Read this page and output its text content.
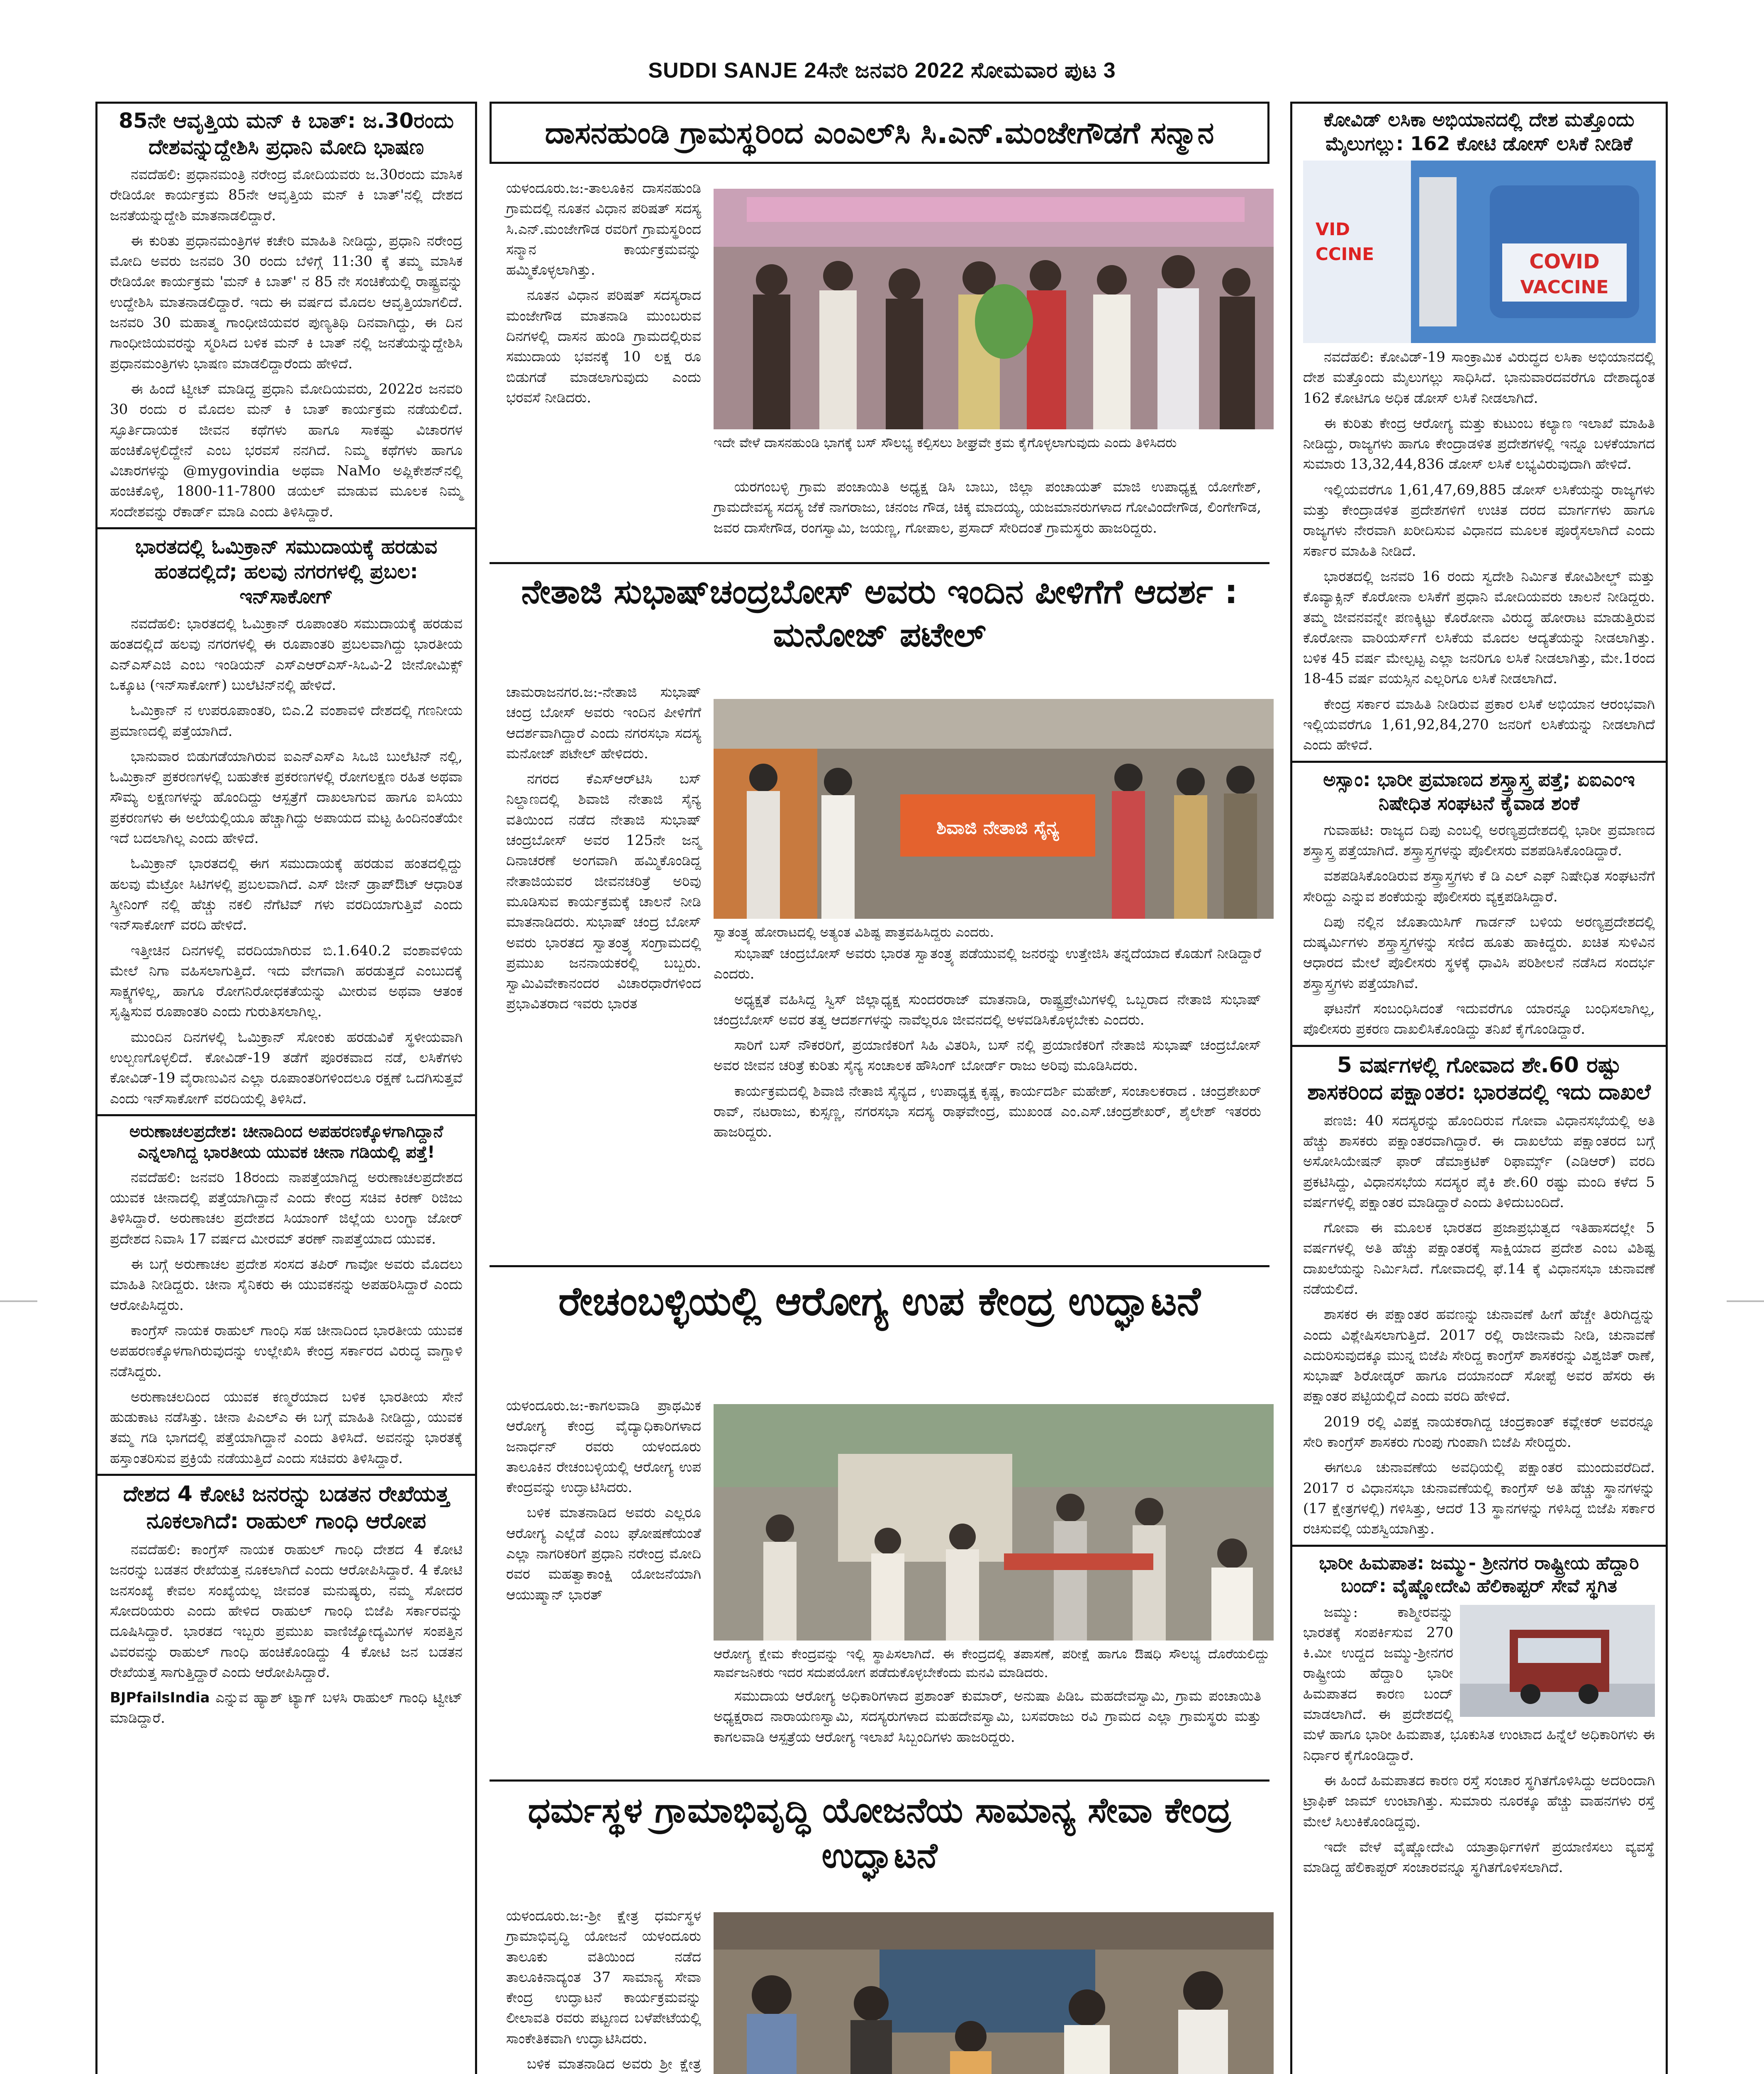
SUDDI SANJE 24ನೇ ಜನವರಿ 2022 ಸೋಮವಾರ ಪುಟ 3
85ನೇ ಆವೃತ್ತಿಯ ಮನ್ ಕಿ ಬಾತ್: ಜ.30ರಂದು ದೇಶವನ್ನುದ್ದೇಶಿಸಿ ಪ್ರಧಾನಿ ಮೋದಿ ಭಾಷಣ

ನವದೆಹಲಿ: ಪ್ರಧಾನಮಂತ್ರಿ ನರೇಂದ್ರ ಮೋದಿಯವರು ಜ.30ರಂದು ಮಾಸಿಕ ರೇಡಿಯೋ ಕಾರ್ಯಕ್ರಮ 85ನೇ ಆವೃತ್ತಿಯ ಮನ್ ಕಿ ಬಾತ್'ನಲ್ಲಿ ದೇಶದ ಜನತೆಯನ್ನುದ್ದೇಶಿ ಮಾತನಾಡಲಿದ್ದಾರೆ.

ಈ ಕುರಿತು ಪ್ರಧಾನಮಂತ್ರಿಗಳ ಕಚೇರಿ ಮಾಹಿತಿ ನೀಡಿದ್ದು, ಪ್ರಧಾನಿ ನರೇಂದ್ರ ಮೋದಿ ಅವರು ಜನವರಿ 30 ರಂದು ಬೆಳಿಗ್ಗೆ 11:30 ಕ್ಕೆ ತಮ್ಮ ಮಾಸಿಕ ರೇಡಿಯೋ ಕಾರ್ಯಕ್ರಮ 'ಮನ್ ಕಿ ಬಾತ್' ನ 85 ನೇ ಸಂಚಿಕೆಯಲ್ಲಿ ರಾಷ್ಟ್ರವನ್ನು ಉದ್ದೇಶಿಸಿ ಮಾತನಾಡಲಿದ್ದಾರೆ. ಇದು ಈ ವರ್ಷದ ಮೊದಲ ಆವೃತ್ತಿಯಾಗಲಿದೆ. ಜನವರಿ 30 ಮಹಾತ್ಮ ಗಾಂಧೀಜಿಯವರ ಪುಣ್ಯತಿಥಿ ದಿನವಾಗಿದ್ದು, ಈ ದಿನ ಗಾಂಧೀಜಿಯವರನ್ನು ಸ್ಮರಿಸಿದ ಬಳಿಕ ಮನ್ ಕಿ ಬಾತ್ ನಲ್ಲಿ ಜನತೆಯನ್ನುದ್ದೇಶಿಸಿ ಪ್ರಧಾನಮಂತ್ರಿಗಳು ಭಾಷಣ ಮಾಡಲಿದ್ದಾರೆಂದು ಹೇಳಿದೆ.

ಈ ಹಿಂದೆ ಟ್ವೀಟ್ ಮಾಡಿದ್ದ ಪ್ರಧಾನಿ ಮೋದಿಯವರು, 2022ರ ಜನವರಿ 30 ರಂದು ರ ಮೊದಲ ಮನ್ ಕಿ ಬಾತ್ ಕಾರ್ಯಕ್ರಮ ನಡೆಯಲಿದೆ. ಸ್ಫೂರ್ತಿದಾಯಕ ಜೀವನ ಕಥೆಗಳು ಹಾಗೂ ಸಾಕಷ್ಟು ವಿಚಾರಗಳ ಹಂಚಿಕೊಳ್ಳಲಿದ್ದೇನೆ ಎಂಬ ಭರವಸೆ ನನಗಿದೆ. ನಿಮ್ಮ ಕಥೆಗಳು ಹಾಗೂ ವಿಚಾರಗಳನ್ನು @mygovindia ಅಥವಾ NaMo ಅಪ್ಲಿಕೇಶನ್‌ನಲ್ಲಿ ಹಂಚಿಕೊಳ್ಳಿ, 1800-11-7800 ಡಯಲ್ ಮಾಡುವ ಮೂಲಕ ನಿಮ್ಮ ಸಂದೇಶವನ್ನು ರೆಕಾರ್ಡ್ ಮಾಡಿ ಎಂದು ತಿಳಿಸಿದ್ದಾರೆ.

ಭಾರತದಲ್ಲಿ ಓಮಿಕ್ರಾನ್ ಸಮುದಾಯಕ್ಕೆ ಹರಡುವ ಹಂತದಲ್ಲಿದೆ; ಹಲವು ನಗರಗಳಲ್ಲಿ ಪ್ರಬಲ: ಇನ್‌ಸಾಕೋಗ್

ನವದೆಹಲಿ: ಭಾರತದಲ್ಲಿ ಓಮಿಕ್ರಾನ್ ರೂಪಾಂತರಿ ಸಮುದಾಯಕ್ಕೆ ಹರಡುವ ಹಂತದಲ್ಲಿದೆ ಹಲವು ನಗರಗಳಲ್ಲಿ ಈ ರೂಪಾಂತರಿ ಪ್ರಬಲವಾಗಿದ್ದು ಭಾರತೀಯ ಎನ್ಎಸ್ಎಜಿ ಎಂಬ ಇಂಡಿಯನ್ ಎಸ್‌ಎಆರ್‌ಎಸ್-ಸಿಒವಿ-2 ಜೀನೋಮಿಕ್ಸ್ ಒಕ್ಕೂಟ (ಇನ್‌ಸಾಕೋಗ್) ಬುಲೆಟಿನ್‌ನಲ್ಲಿ ಹೇಳಿದೆ.

ಓಮಿಕ್ರಾನ್ ನ ಉಪರೂಪಾಂತರಿ, ಬಿಎ.2 ವಂಶಾವಳಿ ದೇಶದಲ್ಲಿ ಗಣನೀಯ ಪ್ರಮಾಣದಲ್ಲಿ ಪತ್ತೆಯಾಗಿದೆ.

ಭಾನುವಾರ ಬಿಡುಗಡೆಯಾಗಿರುವ ಐಎನ್ಎಸ್ಎ ಸಿಒಜಿ ಬುಲೆಟಿನ್ ನಲ್ಲಿ, ಓಮಿಕ್ರಾನ್ ಪ್ರಕರಣಗಳಲ್ಲಿ ಬಹುತೇಕ ಪ್ರಕರಣಗಳಲ್ಲಿ ರೋಗಲಕ್ಷಣ ರಹಿತ ಅಥವಾ ಸೌಮ್ಯ ಲಕ್ಷಣಗಳನ್ನು ಹೊಂದಿದ್ದು ಆಸ್ಪತ್ರೆಗೆ ದಾಖಲಾಗುವ ಹಾಗೂ ಐಸಿಯು ಪ್ರಕರಣಗಳು ಈ ಅಲೆಯಲ್ಲಿಯೂ ಹೆಚ್ಚಾಗಿದ್ದು ಅಪಾಯದ ಮಟ್ಟ ಹಿಂದಿನಂತೆಯೇ ಇದೆ ಬದಲಾಗಿಲ್ಲ ಎಂದು ಹೇಳಿದೆ.

ಓಮಿಕ್ರಾನ್ ಭಾರತದಲ್ಲಿ ಈಗ ಸಮುದಾಯಕ್ಕೆ ಹರಡುವ ಹಂತದಲ್ಲಿದ್ದು ಹಲವು ಮೆಟ್ರೋ ಸಿಟಿಗಳಲ್ಲಿ ಪ್ರಬಲವಾಗಿದೆ. ಎಸ್ ಜೀನ್ ಡ್ರಾಪ್‌ಔಟ್ ಆಧಾರಿತ ಸ್ಕ್ರೀನಿಂಗ್ ನಲ್ಲಿ ಹೆಚ್ಚು ನಕಲಿ ನೆಗೆಟಿವ್ ಗಳು ವರದಿಯಾಗುತ್ತಿವೆ ಎಂದು ಇನ್‌ಸಾಕೋಗ್ ವರದಿ ಹೇಳಿದೆ.

ಇತ್ತೀಚಿನ ದಿನಗಳಲ್ಲಿ ವರದಿಯಾಗಿರುವ ಬಿ.1.640.2 ವಂಶಾವಳಿಯ ಮೇಲೆ ನಿಗಾ ವಹಿಸಲಾಗುತ್ತಿದೆ. ಇದು ವೇಗವಾಗಿ ಹರಡುತ್ತದೆ ಎಂಬುದಕ್ಕೆ ಸಾಕ್ಷ್ಯಗಳಿಲ್ಲ, ಹಾಗೂ ರೋಗನಿರೋಧಕತೆಯನ್ನು ಮೀರುವ ಅಥವಾ ಆತಂಕ ಸೃಷ್ಟಿಸುವ ರೂಪಾಂತರಿ ಎಂದು ಗುರುತಿಸಲಾಗಿಲ್ಲ.

ಮುಂದಿನ ದಿನಗಳಲ್ಲಿ ಓಮಿಕ್ರಾನ್ ಸೋಂಕು ಹರಡುವಿಕೆ ಸ್ಥಳೀಯವಾಗಿ ಉಲ್ಬಣಗೊಳ್ಳಲಿದೆ. ಕೋವಿಡ್-19 ತಡೆಗೆ ಪೂರಕವಾದ ನಡೆ, ಲಸಿಕೆಗಳು ಕೋವಿಡ್-19 ವೈರಾಣುವಿನ ಎಲ್ಲಾ ರೂಪಾಂತರಿಗಳಿಂದಲೂ ರಕ್ಷಣೆ ಒದಗಿಸುತ್ತವೆ ಎಂದು ಇನ್‌ಸಾಕೋಗ್ ವರದಿಯಲ್ಲಿ ತಿಳಿಸಿದೆ.

ಅರುಣಾಚಲಪ್ರದೇಶ: ಚೀನಾದಿಂದ ಅಪಹರಣಕ್ಕೊಳಗಾಗಿದ್ದಾನೆ ಎನ್ನಲಾಗಿದ್ದ ಭಾರತೀಯ ಯುವಕ ಚೀನಾ ಗಡಿಯಲ್ಲಿ ಪತ್ತೆ!

ನವದೆಹಲಿ: ಜನವರಿ 18ರಂದು ನಾಪತ್ತೆಯಾಗಿದ್ದ ಅರುಣಾಚಲಪ್ರದೇಶದ ಯುವಕ ಚೀನಾದಲ್ಲಿ ಪತ್ತೆಯಾಗಿದ್ದಾನೆ ಎಂದು ಕೇಂದ್ರ ಸಚಿವ ಕಿರಣ್ ರಿಜಿಜು ತಿಳಿಸಿದ್ದಾರೆ. ಅರುಣಾಚಲ ಪ್ರದೇಶದ ಸಿಯಾಂಗ್ ಜಿಲ್ಲೆಯ ಲುಂಗ್ಟಾ ಜೋರ್ ಪ್ರದೇಶದ ನಿವಾಸಿ 17 ವರ್ಷದ ಮೀರಮ್ ತರಣ್ ನಾಪತ್ತೆಯಾದ ಯುವಕ.

ಈ ಬಗ್ಗೆ ಅರುಣಾಚಲ ಪ್ರದೇಶ ಸಂಸದ ತಪಿರ್ ಗಾವೋ ಅವರು ಮೊದಲು ಮಾಹಿತಿ ನೀಡಿದ್ದರು. ಚೀನಾ ಸೈನಿಕರು ಈ ಯುವಕನನ್ನು ಅಪಹರಿಸಿದ್ದಾರೆ ಎಂದು ಆರೋಪಿಸಿದ್ದರು.

ಕಾಂಗ್ರೆಸ್ ನಾಯಕ ರಾಹುಲ್ ಗಾಂಧಿ ಸಹ ಚೀನಾದಿಂದ ಭಾರತೀಯ ಯುವಕ ಅಪಹರಣಕ್ಕೊಳಗಾಗಿರುವುದನ್ನು ಉಲ್ಲೇಖಿಸಿ ಕೇಂದ್ರ ಸರ್ಕಾರದ ವಿರುದ್ಧ ವಾಗ್ದಾಳಿ ನಡೆಸಿದ್ದರು.

ಅರುಣಾಚಲದಿಂದ ಯುವಕ ಕಣ್ಮರೆಯಾದ ಬಳಿಕ ಭಾರತೀಯ ಸೇನೆ ಹುಡುಕಾಟ ನಡೆಸಿತ್ತು. ಚೀನಾ ಪಿಎಲ್‌ಎ ಈ ಬಗ್ಗೆ ಮಾಹಿತಿ ನೀಡಿದ್ದು, ಯುವಕ ತಮ್ಮ ಗಡಿ ಭಾಗದಲ್ಲಿ ಪತ್ತೆಯಾಗಿದ್ದಾನೆ ಎಂದು ತಿಳಿಸಿದೆ. ಅವನನ್ನು ಭಾರತಕ್ಕೆ ಹಸ್ತಾಂತರಿಸುವ ಪ್ರಕ್ರಿಯೆ ನಡೆಯುತ್ತಿದೆ ಎಂದು ಸಚಿವರು ತಿಳಿಸಿದ್ದಾರೆ.

ದೇಶದ 4 ಕೋಟಿ ಜನರನ್ನು ಬಡತನ ರೇಖೆಯತ್ತ ನೂಕಲಾಗಿದೆ: ರಾಹುಲ್ ಗಾಂಧಿ ಆರೋಪ

ನವದೆಹಲಿ: ಕಾಂಗ್ರೆಸ್ ನಾಯಕ ರಾಹುಲ್ ಗಾಂಧಿ ದೇಶದ 4 ಕೋಟಿ ಜನರನ್ನು ಬಡತನ ರೇಖೆಯತ್ತ ನೂಕಲಾಗಿದೆ ಎಂದು ಆರೋಪಿಸಿದ್ದಾರೆ. 4 ಕೋಟಿ ಜನಸಂಖ್ಯೆ ಕೇವಲ ಸಂಖ್ಯೆಯಲ್ಲ ಜೀವಂತ ಮನುಷ್ಯರು, ನಮ್ಮ ಸೋದರ ಸೋದರಿಯರು ಎಂದು ಹೇಳಿದ ರಾಹುಲ್ ಗಾಂಧಿ ಬಿಜೆಪಿ ಸರ್ಕಾರವನ್ನು ದೂಷಿಸಿದ್ದಾರೆ. ಭಾರತದ ಇಬ್ಬರು ಪ್ರಮುಖ ವಾಣಿಜ್ಯೋದ್ಯಮಿಗಳ ಸಂಪತ್ತಿನ ವಿವರವನ್ನು ರಾಹುಲ್ ಗಾಂಧಿ ಹಂಚಿಕೊಂಡಿದ್ದು 4 ಕೋಟಿ ಜನ ಬಡತನ ರೇಖೆಯತ್ತ ಸಾಗುತ್ತಿದ್ದಾರೆ ಎಂದು ಆರೋಪಿಸಿದ್ದಾರೆ.

BJPfailsIndia ಎನ್ನುವ ಹ್ಯಾಶ್ ಟ್ಯಾಗ್ ಬಳಸಿ ರಾಹುಲ್ ಗಾಂಧಿ ಟ್ವೀಟ್ ಮಾಡಿದ್ದಾರೆ.

ದಾಸನಹುಂಡಿ ಗ್ರಾಮಸ್ಥರಿಂದ ಎಂಎಲ್‌ಸಿ ಸಿ.ಎನ್.ಮಂಜೇಗೌಡಗೆ ಸನ್ಮಾನ

ಯಳಂದೂರು.ಜ:-ತಾಲೂಕಿನ ದಾಸನಹುಂಡಿ ಗ್ರಾಮದಲ್ಲಿ ನೂತನ ವಿಧಾನ ಪರಿಷತ್ ಸದಸ್ಯ ಸಿ.ಎನ್.ಮಂಜೇಗೌಡ ರವರಿಗೆ ಗ್ರಾಮಸ್ಥರಿಂದ ಸನ್ಮಾನ ಕಾರ್ಯಕ್ರಮವನ್ನು ಹಮ್ಮಿಕೊಳ್ಳಲಾಗಿತ್ತು.

ನೂತನ ವಿಧಾನ ಪರಿಷತ್ ಸದಸ್ಯರಾದ ಮಂಜೇಗೌಡ ಮಾತನಾಡಿ ಮುಂಬರುವ ದಿನಗಳಲ್ಲಿ ದಾಸನ ಹುಂಡಿ ಗ್ರಾಮದಲ್ಲಿರುವ ಸಮುದಾಯ ಭವನಕ್ಕೆ 10 ಲಕ್ಷ ರೂ ಬಿಡುಗಡೆ ಮಾಡಲಾಗುವುದು ಎಂದು ಭರವಸೆ ನೀಡಿದರು.

ಇದೇ ವೇಳೆ ದಾಸನಹುಂಡಿ ಭಾಗಕ್ಕೆ ಬಸ್ ಸೌಲಭ್ಯ ಕಲ್ಪಿಸಲು ಶೀಘ್ರವೇ ಕ್ರಮ ಕೈಗೊಳ್ಳಲಾಗುವುದು ಎಂದು ತಿಳಿಸಿದರು

ಯರಗಂಬಳ್ಳಿ ಗ್ರಾಮ ಪಂಚಾಯಿತಿ ಅಧ್ಯಕ್ಷ ಡಿಸಿ ಬಾಬು, ಜಿಲ್ಲಾ ಪಂಚಾಯತ್ ಮಾಜಿ ಉಪಾಧ್ಯಕ್ಷ ಯೋಗೇಶ್, ಗ್ರಾಮದೇವಸ್ಯ ಸದಸ್ಯ ಜೆಕೆ ನಾಗರಾಜು, ಚನಂಜ ಗೌಡ, ಚಿಕ್ಕ ಮಾದಯ್ಯ, ಯಜಮಾನರುಗಳಾದ ಗೋವಿಂದೇಗೌಡ, ಲಿಂಗೇಗೌಡ, ಜವರ ದಾಸೇಗೌಡ, ರಂಗಸ್ವಾಮಿ, ಜಯಣ್ಣ, ಗೋಪಾಲ, ಪ್ರಸಾದ್ ಸೇರಿದಂತೆ ಗ್ರಾಮಸ್ಥರು ಹಾಜರಿದ್ದರು.

ನೇತಾಜಿ ಸುಭಾಷ್‌ಚಂದ್ರಬೋಸ್ ಅವರು ಇಂದಿನ ಪೀಳಿಗೆಗೆ ಆದರ್ಶ : ಮನೋಜ್ ಪಟೇಲ್

ಚಾಮರಾಜನಗರ.ಜ:-ನೇತಾಜಿ ಸುಭಾಷ್ ಚಂದ್ರ ಬೋಸ್ ಅವರು ಇಂದಿನ ಪೀಳಿಗೆಗೆ ಆದರ್ಶವಾಗಿದ್ದಾರೆ ಎಂದು ನಗರಸಭಾ ಸದಸ್ಯ ಮನೋಜ್ ಪಟೇಲ್ ಹೇಳಿದರು.

ನಗರದ ಕೆಎಸ್‌ಆರ್‌ಟಿಸಿ ಬಸ್ ನಿಲ್ದಾಣದಲ್ಲಿ ಶಿವಾಜಿ ನೇತಾಜಿ ಸೈನ್ಯ ವತಿಯಿಂದ ನಡೆದ ನೇತಾಜಿ ಸುಭಾಷ್ ಚಂದ್ರಬೋಸ್ ಅವರ 125ನೇ ಜನ್ಮ ದಿನಾಚರಣೆ ಅಂಗವಾಗಿ ಹಮ್ಮಿಕೊಂಡಿದ್ದ ನೇತಾಜಿಯವರ ಜೀವನಚರಿತ್ರೆ ಅರಿವು ಮೂಡಿಸುವ ಕಾರ್ಯಕ್ರಮಕ್ಕೆ ಚಾಲನೆ ನೀಡಿ ಮಾತನಾಡಿದರು. ಸುಭಾಷ್ ಚಂದ್ರ ಬೋಸ್ ಅವರು ಭಾರತದ ಸ್ವಾತಂತ್ರ್ಯ ಸಂಗ್ರಾಮದಲ್ಲಿ ಪ್ರಮುಖ ಜನನಾಯಕರಲ್ಲಿ ಬಬ್ಬರು. ಸ್ವಾಮಿವಿವೇಕಾನಂದರ ವಿಚಾರಧಾರೆಗಳಿಂದ ಪ್ರಭಾವಿತರಾದ ಇವರು ಭಾರತ

ಶಿವಾಜಿ ನೇತಾಜಿ ಸೈನ್ಯ
ಸ್ವಾತಂತ್ರ್ಯ ಹೋರಾಟದಲ್ಲಿ ಅತ್ಯಂತ ವಿಶಿಷ್ಟ ಪಾತ್ರವಹಿಸಿದ್ದರು ಎಂದರು.

ಸುಭಾಷ್ ಚಂದ್ರಬೋಸ್ ಅವರು ಭಾರತ ಸ್ವಾತಂತ್ರ್ಯ ಪಡೆಯುವಲ್ಲಿ ಜನರನ್ನು ಉತ್ತೇಜಿಸಿ ತನ್ನದೆಯಾದ ಕೊಡುಗೆ ನೀಡಿದ್ದಾರೆ ಎಂದರು.

ಅಧ್ಯಕ್ಷತೆ ವಹಿಸಿದ್ದ ಸ್ವಿಸ್ ಜಿಲ್ಲಾಧ್ಯಕ್ಷ ಸುಂದರರಾಜ್ ಮಾತನಾಡಿ, ರಾಷ್ಟ್ರಪ್ರೇಮಿಗಳಲ್ಲಿ ಒಬ್ಬರಾದ ನೇತಾಜಿ ಸುಭಾಷ್ ಚಂದ್ರಬೋಸ್ ಅವರ ತತ್ವ ಆದರ್ಶಗಳನ್ನು ನಾವೆಲ್ಲರೂ ಜೀವನದಲ್ಲಿ ಅಳವಡಿಸಿಕೊಳ್ಳಬೇಕು ಎಂದರು.

ಸಾರಿಗೆ ಬಸ್ ನೌಕರರಿಗೆ, ಪ್ರಯಾಣಿಕರಿಗೆ ಸಿಹಿ ವಿತರಿಸಿ, ಬಸ್ ನಲ್ಲಿ ಪ್ರಯಾಣಿಕರಿಗೆ ನೇತಾಜಿ ಸುಭಾಷ್ ಚಂದ್ರಬೋಸ್ ಅವರ ಜೀವನ ಚರಿತ್ರೆ ಕುರಿತು ಸೈನ್ಯ ಸಂಚಾಲಕ ಹೌಸಿಂಗ್ ಬೋರ್ಡ್ ರಾಜು ಅರಿವು ಮೂಡಿಸಿದರು.

ಕಾರ್ಯಕ್ರಮದಲ್ಲಿ ಶಿವಾಜಿ ನೇತಾಜಿ ಸೈನ್ಯದ , ಉಪಾಧ್ಯಕ್ಷ ಕೃಷ್ಣ, ಕಾರ್ಯದರ್ಶಿ ಮಹೇಶ್, ಸಂಚಾಲಕರಾದ . ಚಂದ್ರಶೇಖರ್ ರಾವ್, ನಟರಾಜು, ಕುಸ್ಸಣ್ಣ, ನಗರಸಭಾ ಸದಸ್ಯ ರಾಘವೇಂದ್ರ, ಮುಖಂಡ ಎಂ.ಎಸ್.ಚಂದ್ರಶೇಖರ್, ಶೈಲೇಶ್ ಇತರರು ಹಾಜರಿದ್ದರು.

ರೇಚಂಬಳ್ಳಿಯಲ್ಲಿ ಆರೋಗ್ಯ ಉಪ ಕೇಂದ್ರ ಉದ್ಘಾಟನೆ

ಯಳಂದೂರು.ಜ:-ಕಾಗಲವಾಡಿ ಪ್ರಾಥಮಿಕ ಆರೋಗ್ಯ ಕೇಂದ್ರ ವೈದ್ಯಾಧಿಕಾರಿಗಳಾದ ಜನಾರ್ಧನ್ ರವರು ಯಳಂದೂರು ತಾಲೂಕಿನ ರೇಚಂಬಳ್ಳಿಯಲ್ಲಿ ಆರೋಗ್ಯ ಉಪ ಕೇಂದ್ರವನ್ನು ಉದ್ಘಾಟಿಸಿದರು.

ಬಳಿಕ ಮಾತನಾಡಿದ ಅವರು ಎಲ್ಲರೂ ಆರೋಗ್ಯ ಎಲ್ಲೆಡೆ ಎಂಬ ಘೋಷಣೆಯಂತೆ ಎಲ್ಲಾ ನಾಗರಿಕರಿಗೆ ಪ್ರಧಾನಿ ನರೇಂದ್ರ ಮೋದಿ ರವರ ಮಹತ್ವಾಕಾಂಕ್ಷಿ ಯೋಜನೆಯಾಗಿ ಆಯುಷ್ಮಾನ್ ಭಾರತ್

ಆರೋಗ್ಯ ಕ್ಷೇಮ ಕೇಂದ್ರವನ್ನು ಇಲ್ಲಿ ಸ್ಥಾಪಿಸಲಾಗಿದೆ. ಈ ಕೇಂದ್ರದಲ್ಲಿ ತಪಾಸಣೆ, ಪರೀಕ್ಷೆ ಹಾಗೂ ಔಷಧಿ ಸೌಲಭ್ಯ ದೊರೆಯಲಿದ್ದು ಸಾರ್ವಜನಿಕರು ಇದರ ಸದುಪಯೋಗ ಪಡೆದುಕೊಳ್ಳಬೇಕೆಂದು ಮನವಿ ಮಾಡಿದರು.

ಸಮುದಾಯ ಆರೋಗ್ಯ ಅಧಿಕಾರಿಗಳಾದ ಪ್ರಶಾಂತ್ ಕುಮಾರ್, ಅನುಷಾ ಪಿಡಿಒ ಮಹದೇವಸ್ವಾಮಿ, ಗ್ರಾಮ ಪಂಚಾಯಿತಿ ಅಧ್ಯಕ್ಷರಾದ ನಾರಾಯಣಸ್ವಾಮಿ, ಸದಸ್ಯರುಗಳಾದ ಮಹದೇವಸ್ವಾಮಿ, ಬಸವರಾಜು ರವಿ ಗ್ರಾಮದ ಎಲ್ಲಾ ಗ್ರಾಮಸ್ಥರು ಮತ್ತು ಕಾಗಲವಾಡಿ ಆಸ್ಪತ್ರೆಯ ಆರೋಗ್ಯ ಇಲಾಖೆ ಸಿಬ್ಬಂದಿಗಳು ಹಾಜರಿದ್ದರು.

ಧರ್ಮಸ್ಥಳ ಗ್ರಾಮಾಭಿವೃದ್ಧಿ ಯೋಜನೆಯ ಸಾಮಾನ್ಯ ಸೇವಾ ಕೇಂದ್ರ ಉದ್ಘಾಟನೆ

ಯಳಂದೂರು.ಜ:-ಶ್ರೀ ಕ್ಷೇತ್ರ ಧರ್ಮಸ್ಥಳ ಗ್ರಾಮಾಭಿವೃದ್ಧಿ ಯೋಜನೆ ಯಳಂದೂರು ತಾಲೂಕು ವತಿಯಿಂದ ನಡೆದ ತಾಲೂಕಿನಾದ್ಯಂತ 37 ಸಾಮಾನ್ಯ ಸೇವಾ ಕೇಂದ್ರ ಉದ್ಘಾಟನೆ ಕಾರ್ಯಕ್ರಮವನ್ನು ಲೀಲಾವತಿ ರವರು ಪಟ್ಟಣದ ಬಳೆಪೇಟೆಯಲ್ಲಿ ಸಾಂಕೇತಿಕವಾಗಿ ಉದ್ಘಾಟಿಸಿದರು.

ಬಳಿಕ ಮಾತನಾಡಿದ ಅವರು ಶ್ರೀ ಕ್ಷೇತ್ರ

ಕೋವಿಡ್ ಲಸಿಕಾ ಅಭಿಯಾನದಲ್ಲಿ ದೇಶ ಮತ್ತೊಂದು ಮೈಲುಗಲ್ಲು: 162 ಕೋಟಿ ಡೋಸ್ ಲಸಿಕೆ ನೀಡಿಕೆ
VID
CCINE	COVID
VACCINE

ನವದೆಹಲಿ: ಕೋವಿಡ್-19 ಸಾಂಕ್ರಾಮಿಕ ವಿರುದ್ಧದ ಲಸಿಕಾ ಅಭಿಯಾನದಲ್ಲಿ ದೇಶ ಮತ್ತೊಂದು ಮೈಲುಗಲ್ಲು ಸಾಧಿಸಿದೆ. ಭಾನುವಾರದವರೆಗೂ ದೇಶಾದ್ಯಂತ 162 ಕೋಟಿಗೂ ಅಧಿಕ ಡೋಸ್ ಲಸಿಕೆ ನೀಡಲಾಗಿದೆ.

ಈ ಕುರಿತು ಕೇಂದ್ರ ಆರೋಗ್ಯ ಮತ್ತು ಕುಟುಂಬ ಕಲ್ಯಾಣ ಇಲಾಖೆ ಮಾಹಿತಿ ನೀಡಿದ್ದು, ರಾಜ್ಯಗಳು ಹಾಗೂ ಕೇಂದ್ರಾಡಳಿತ ಪ್ರದೇಶಗಳಲ್ಲಿ ಇನ್ನೂ ಬಳಕೆಯಾಗದ ಸುಮಾರು 13,32,44,836 ಡೋಸ್ ಲಸಿಕೆ ಲಭ್ಯವಿರುವುದಾಗಿ ಹೇಳಿದೆ.

ಇಲ್ಲಿಯವರೆಗೂ 1,61,47,69,885 ಡೋಸ್ ಲಸಿಕೆಯನ್ನು ರಾಜ್ಯಗಳು ಮತ್ತು ಕೇಂದ್ರಾಡಳಿತ ಪ್ರದೇಶಗಳಿಗೆ ಉಚಿತ ದರದ ಮಾರ್ಗಗಳು ಹಾಗೂ ರಾಜ್ಯಗಳು ನೇರವಾಗಿ ಖರೀದಿಸುವ ವಿಧಾನದ ಮೂಲಕ ಪೂರೈಸಲಾಗಿದೆ ಎಂದು ಸರ್ಕಾರ ಮಾಹಿತಿ ನೀಡಿದೆ.

ಭಾರತದಲ್ಲಿ ಜನವರಿ 16 ರಂದು ಸ್ವದೇಶಿ ನಿರ್ಮಿತ ಕೋವಿಶೀಲ್ಡ್ ಮತ್ತು ಕೊವ್ಯಾಕ್ಸಿನ್ ಕೊರೋನಾ ಲಸಿಕೆಗೆ ಪ್ರಧಾನಿ ಮೋದಿಯವರು ಚಾಲನೆ ನೀಡಿದ್ದರು. ತಮ್ಮ ಜೀವನವನ್ನೇ ಪಣಕ್ಕಿಟ್ಟು ಕೊರೋನಾ ವಿರುದ್ಧ ಹೋರಾಟ ಮಾಡುತ್ತಿರುವ ಕೊರೋನಾ ವಾರಿಯರ್ಸ್‌ಗೆ ಲಸಿಕೆಯ ಮೊದಲ ಆದ್ಯತೆಯನ್ನು ನೀಡಲಾಗಿತ್ತು. ಬಳಿಕ 45 ವರ್ಷ ಮೇಲ್ಪಟ್ಟ ಎಲ್ಲಾ ಜನರಿಗೂ ಲಸಿಕೆ ನೀಡಲಾಗಿತ್ತು, ಮೇ.1ರಂದ 18-45 ವರ್ಷ ವಯಸ್ಸಿನ ಎಲ್ಲರಿಗೂ ಲಸಿಕೆ ನೀಡಲಾಗಿದೆ.

ಕೇಂದ್ರ ಸರ್ಕಾರ ಮಾಹಿತಿ ನೀಡಿರುವ ಪ್ರಕಾರ ಲಸಿಕೆ ಅಭಿಯಾನ ಆರಂಭವಾಗಿ ಇಲ್ಲಿಯವರೆಗೂ 1,61,92,84,270 ಜನರಿಗೆ ಲಸಿಕೆಯನ್ನು ನೀಡಲಾಗಿದೆ ಎಂದು ಹೇಳಿದೆ.

ಅಸ್ಸಾಂ: ಭಾರೀ ಪ್ರಮಾಣದ ಶಸ್ತ್ರಾಸ್ತ್ರ ಪತ್ತೆ; ಏಐಎಂಇ ನಿಷೇಧಿತ ಸಂಘಟನೆ ಕೈವಾಡ ಶಂಕೆ

ಗುವಾಹಟಿ: ರಾಜ್ಯದ ದಿಪು ಎಂಬಲ್ಲಿ ಅರಣ್ಯಪ್ರದೇಶದಲ್ಲಿ ಭಾರೀ ಪ್ರಮಾಣದ ಶಸ್ತ್ರಾಸ್ತ್ರ ಪತ್ತೆಯಾಗಿದೆ. ಶಸ್ತ್ರಾಸ್ತ್ರಗಳನ್ನು ಪೊಲೀಸರು ವಶಪಡಿಸಿಕೊಂಡಿದ್ದಾರೆ.

ವಶಪಡಿಸಿಕೊಂಡಿರುವ ಶಸ್ತ್ರಾಸ್ತ್ರಗಳು ಕೆ ಡಿ ಎಲ್ ಎಫ್ ನಿಷೇಧಿತ ಸಂಘಟನೆಗೆ ಸೇರಿದ್ದು ಎನ್ನುವ ಶಂಕೆಯನ್ನು ಪೊಲೀಸರು ವ್ಯಕ್ತಪಡಿಸಿದ್ದಾರೆ.

ದಿಪು ನಲ್ಲಿನ ಜೊತಾಯಿಸಿಗ್ ಗಾರ್ಡನ್ ಬಳಿಯ ಅರಣ್ಯಪ್ರದೇಶದಲ್ಲಿ ದುಷ್ಕರ್ಮಿಗಳು ಶಸ್ತ್ರಾಸ್ತ್ರಗಳನ್ನು ಸಣಿದ ಹೂತು ಹಾಕಿದ್ದರು. ಖಚಿತ ಸುಳಿವಿನ ಆಧಾರದ ಮೇಲೆ ಪೊಲೀಸರು ಸ್ಥಳಕ್ಕೆ ಧಾವಿಸಿ ಪರಿಶೀಲನೆ ನಡೆಸಿದ ಸಂದರ್ಭ ಶಸ್ತ್ರಾಸ್ತ್ರಗಳು ಪತ್ತೆಯಾಗಿವೆ.

ಘಟನೆಗೆ ಸಂಬಂಧಿಸಿದಂತೆ ಇದುವರೆಗೂ ಯಾರನ್ನೂ ಬಂಧಿಸಲಾಗಿಲ್ಲ, ಪೊಲೀಸರು ಪ್ರಕರಣ ದಾಖಲಿಸಿಕೊಂಡಿದ್ದು ತನಿಖೆ ಕೈಗೊಂಡಿದ್ದಾರೆ.

5 ವರ್ಷಗಳಲ್ಲಿ ಗೋವಾದ ಶೇ.60 ರಷ್ಟು ಶಾಸಕರಿಂದ ಪಕ್ಷಾಂತರ: ಭಾರತದಲ್ಲಿ ಇದು ದಾಖಲೆ

ಪಣಜಿ: 40 ಸದಸ್ಯರನ್ನು ಹೊಂದಿರುವ ಗೋವಾ ವಿಧಾನಸಭೆಯಲ್ಲಿ ಅತಿ ಹೆಚ್ಚು ಶಾಸಕರು ಪಕ್ಷಾಂತರವಾಗಿದ್ದಾರೆ. ಈ ದಾಖಲೆಯ ಪಕ್ಷಾಂತರದ ಬಗ್ಗೆ ಅಸೋಸಿಯೇಷನ್ ಫಾರ್ ಡೆಮಾಕ್ರಟಿಕ್ ರಿಫಾರ್ಮ್ಸ್ (ಎಡಿಆರ್) ವರದಿ ಪ್ರಕಟಿಸಿದ್ದು, ವಿಧಾನಸಭೆಯ ಸದಸ್ಯರ ಪೈಕಿ ಶೇ.60 ರಷ್ಟು ಮಂದಿ ಕಳೆದ 5 ವರ್ಷಗಳಲ್ಲಿ ಪಕ್ಷಾಂತರ ಮಾಡಿದ್ದಾರೆ ಎಂದು ತಿಳಿದುಬಂದಿದೆ.

ಗೋವಾ ಈ ಮೂಲಕ ಭಾರತದ ಪ್ರಜಾಪ್ರಭುತ್ವದ ಇತಿಹಾಸದಲ್ಲೇ 5 ವರ್ಷಗಳಲ್ಲಿ ಅತಿ ಹೆಚ್ಚು ಪಕ್ಷಾಂತರಕ್ಕೆ ಸಾಕ್ಷಿಯಾದ ಪ್ರದೇಶ ಎಂಬ ವಿಶಿಷ್ಟ ದಾಖಲೆಯನ್ನು ನಿರ್ಮಿಸಿದೆ. ಗೋವಾದಲ್ಲಿ ಫೆ.14 ಕ್ಕೆ ವಿಧಾನಸಭಾ ಚುನಾವಣೆ ನಡೆಯಲಿದೆ.

ಶಾಸಕರ ಈ ಪಕ್ಷಾಂತರ ಹವಣನ್ನು ಚುನಾವಣೆ ಹೀಗೆ ಹೆಚ್ಚೇ ತಿರುಗಿದ್ದನ್ನು ಎಂದು ವಿಶ್ಲೇಷಿಸಲಾಗುತ್ತಿದೆ. 2017 ರಲ್ಲಿ ರಾಜೀನಾಮೆ ನೀಡಿ, ಚುನಾವಣೆ ಎದುರಿಸುವುದಕ್ಕೂ ಮುನ್ನ ಬಿಜೆಪಿ ಸೇರಿದ್ದ ಕಾಂಗ್ರೆಸ್ ಶಾಸಕರನ್ನು ವಿಶ್ವಜಿತ್ ರಾಣೆ, ಸುಭಾಷ್ ಶಿರೋಡ್ಕರ್ ಹಾಗೂ ದಯಾನಂದ್ ಸೋಪ್ಟೆ ಅವರ ಹೆಸರು ಈ ಪಕ್ಷಾಂತರ ಪಟ್ಟಿಯಲ್ಲಿದೆ ಎಂದು ವರದಿ ಹೇಳಿದೆ.

2019 ರಲ್ಲಿ ವಿಪಕ್ಷ ನಾಯಕರಾಗಿದ್ದ ಚಂದ್ರಕಾಂತ್ ಕವ್ಲೇಕರ್ ಅವರನ್ನೂ ಸೇರಿ ಕಾಂಗ್ರೆಸ್ ಶಾಸಕರು ಗುಂಪು ಗುಂಪಾಗಿ ಬಿಜೆಪಿ ಸೇರಿದ್ದರು.

ಈಗಲೂ ಚುನಾವಣೆಯ ಅವಧಿಯಲ್ಲಿ ಪಕ್ಷಾಂತರ ಮುಂದುವರೆದಿದೆ. 2017 ರ ವಿಧಾನಸಭಾ ಚುನಾವಣೆಯಲ್ಲಿ ಕಾಂಗ್ರೆಸ್ ಅತಿ ಹೆಚ್ಚು ಸ್ಥಾನಗಳನ್ನು (17 ಕ್ಷೇತ್ರಗಳಲ್ಲಿ) ಗಳಿಸಿತ್ತು, ಆದರೆ 13 ಸ್ಥಾನಗಳನ್ನು ಗಳಿಸಿದ್ದ ಬಿಜೆಪಿ ಸರ್ಕಾರ ರಚಿಸುವಲ್ಲಿ ಯಶಸ್ವಿಯಾಗಿತ್ತು.

ಭಾರೀ ಹಿಮಪಾತ: ಜಮ್ಮು- ಶ್ರೀನಗರ ರಾಷ್ಟ್ರೀಯ ಹೆದ್ದಾರಿ ಬಂದ್: ವೈಷ್ಣೋದೇವಿ ಹೆಲಿಕಾಪ್ಟರ್ ಸೇವೆ ಸ್ಥಗಿತ

ಜಮ್ಮು: ಕಾಶ್ಮೀರವನ್ನು ಭಾರತಕ್ಕೆ ಸಂಪರ್ಕಿಸುವ 270 ಕಿ.ಮೀ ಉದ್ದದ ಜಮ್ಮು-ಶ್ರೀನಗರ ರಾಷ್ಟ್ರೀಯ ಹೆದ್ದಾರಿ ಭಾರೀ ಹಿಮಪಾತದ ಕಾರಣ ಬಂದ್ ಮಾಡಲಾಗಿದೆ. ಈ ಪ್ರದೇಶದಲ್ಲಿ ಮಳೆ ಹಾಗೂ ಭಾರೀ ಹಿಮಪಾತ, ಭೂಕುಸಿತ ಉಂಟಾದ ಹಿನ್ನೆಲೆ ಅಧಿಕಾರಿಗಳು ಈ ನಿರ್ಧಾರ ಕೈಗೊಂಡಿದ್ದಾರೆ.

ಈ ಹಿಂದೆ ಹಿಮಪಾತದ ಕಾರಣ ರಸ್ತೆ ಸಂಚಾರ ಸ್ಥಗಿತಗೊಳಿಸಿದ್ದು ಅದರಿಂದಾಗಿ ಟ್ರಾಫಿಕ್ ಜಾಮ್ ಉಂಟಾಗಿತ್ತು. ಸುಮಾರು ನೂರಕ್ಕೂ ಹೆಚ್ಚು ವಾಹನಗಳು ರಸ್ತೆ ಮೇಲೆ ಸಿಲುಕಿಕೊಂಡಿದ್ದವು.

ಇದೇ ವೇಳೆ ವೈಷ್ಣೋದೇವಿ ಯಾತ್ರಾರ್ಥಿಗಳಿಗೆ ಪ್ರಯಾಣಿಸಲು ವ್ಯವಸ್ಥೆ ಮಾಡಿದ್ದ ಹೆಲಿಕಾಪ್ಟರ್ ಸಂಚಾರವನ್ನೂ ಸ್ಥಗಿತಗೊಳಿಸಲಾಗಿದೆ.
